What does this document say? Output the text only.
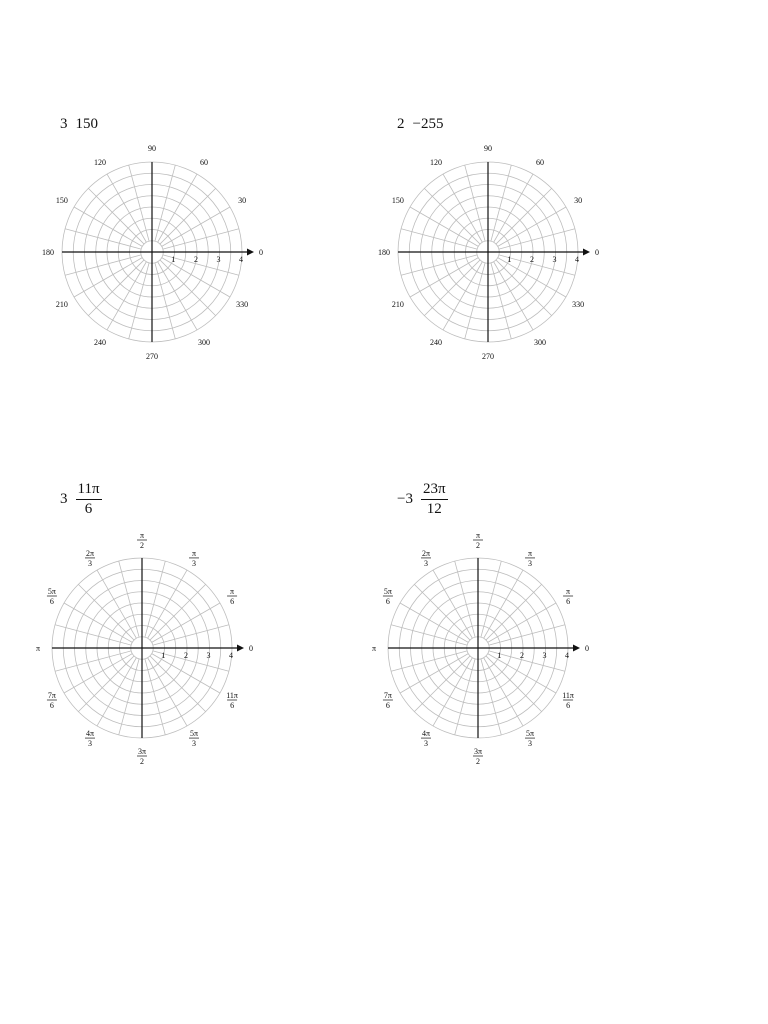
3 150
1 2 3 4
0
30
60
90
120
150
180
210
240
270
300
330
2 −255
1 2 3 4
0
30
60
90
120
150
180
210
240
270
300
330
$3 \frac{11\pi}{6}$
1 2 3 4
0
π
6
π
3
π
2
2π
3
5π
6
π
7π
6
4π
3
3π
2
5π
3
11π
6
$-3 \frac{23\pi}{12}$
1 2 3 4
0
π
6
π
3
π
2
2π
3
5π
6
π
7π
6
4π
3
3π
2
5π
3
11π
6
